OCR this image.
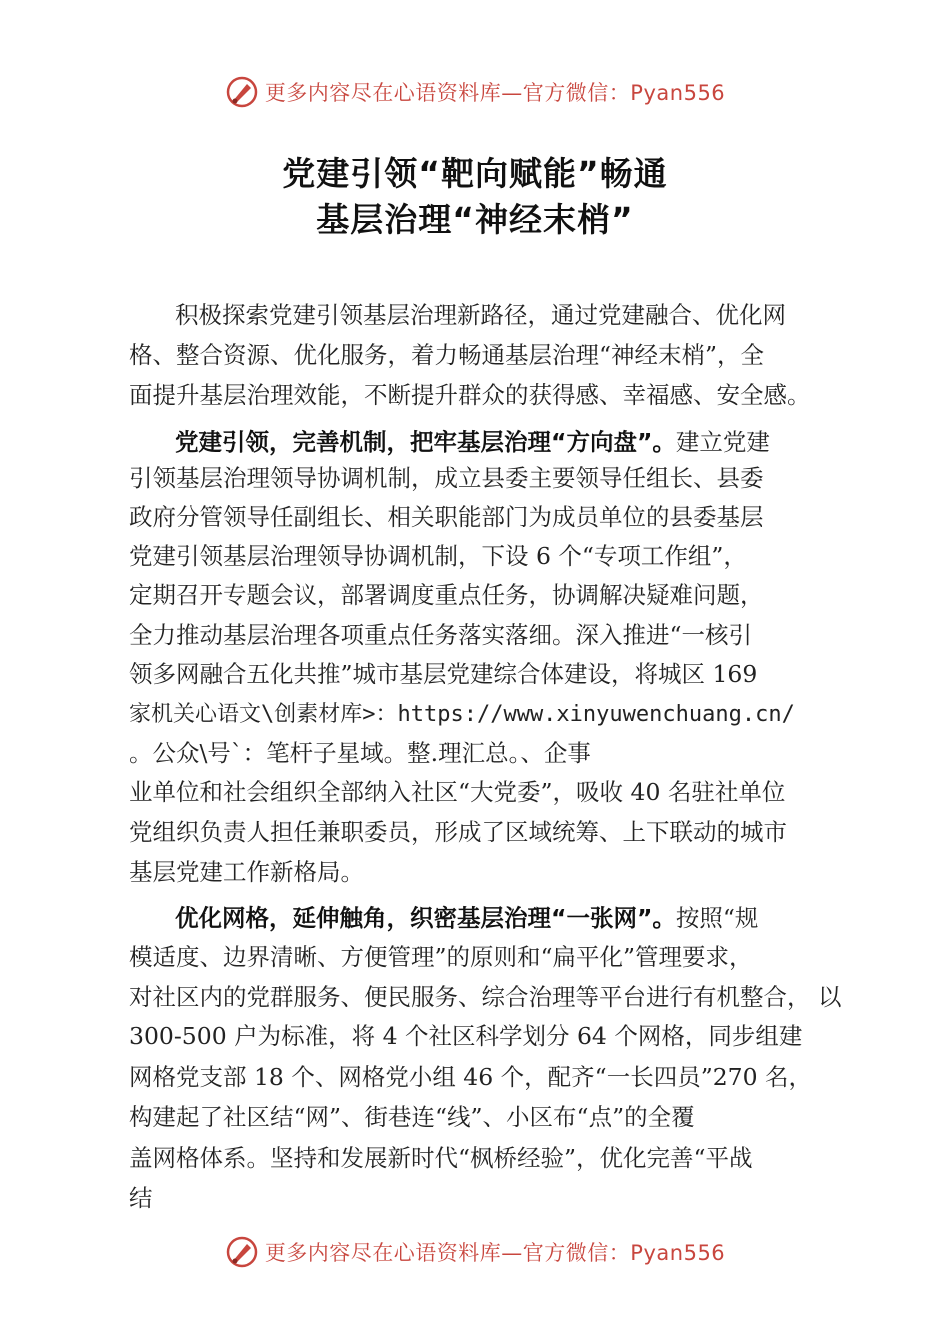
更多内容尽在心语资料库—官方微信：Pyan556
党建引领“靶向赋能”畅通
基层治理“神经末梢”
积极探索党建引领基层治理新路径，通过党建融合、优化网
格、整合资源、优化服务，着力畅通基层治理“神经末梢”，全
面提升基层治理效能，不断提升群众的获得感、幸福感、安全感。
党建引领，完善机制，把牢基层治理“方向盘”。建立党建
引领基层治理领导协调机制，成立县委主要领导任组长、县委
政府分管领导任副组长、相关职能部门为成员单位的县委基层
党建引领基层治理领导协调机制，下设 6 个“专项工作组”，
定期召开专题会议，部署调度重点任务，协调解决疑难问题，
全力推动基层治理各项重点任务落实落细。深入推进“一核引
领多网融合五化共推”城市基层党建综合体建设，将城区 169
家机关心语文\创素材库>：https://www.xinyuwenchuang.cn/
。公众\号`：笔杆子星域。整.理汇总。、企事
业单位和社会组织全部纳入社区“大党委”，吸收 40 名驻社单位
党组织负责人担任兼职委员，形成了区域统筹、上下联动的城市
基层党建工作新格局。
优化网格，延伸触角，织密基层治理“一张网”。按照“规
模适度、边界清晰、方便管理”的原则和“扁平化”管理要求，
对社区内的党群服务、便民服务、综合治理等平台进行有机整合， 以
300-500 户为标准，将 4 个社区科学划分 64 个网格，同步组建
网格党支部 18 个、网格党小组 46 个，配齐“一长四员”270 名，
构建起了社区结“网”、街巷连“线”、小区布“点”的全覆
盖网格体系。坚持和发展新时代“枫桥经验”，优化完善“平战
结
更多内容尽在心语资料库—官方微信：Pyan556
